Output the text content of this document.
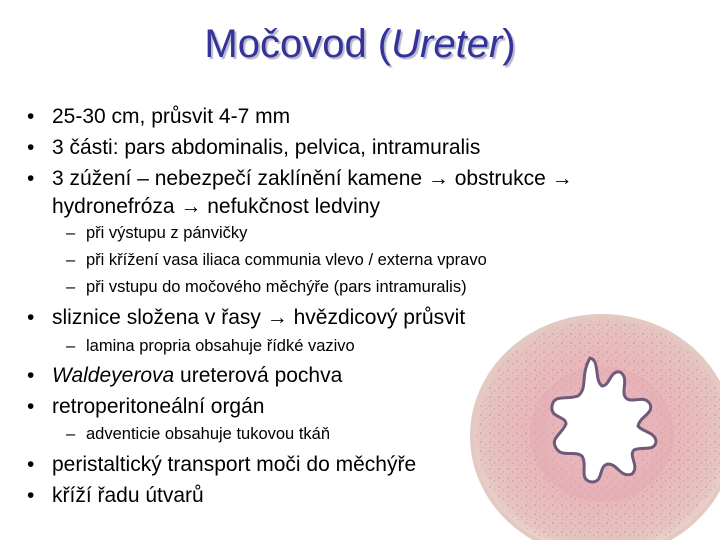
Močovod (Ureter)
• 25-30 cm, průsvit 4-7 mm
• 3 části: pars abdominalis, pelvica, intramuralis
• 3 zúžení – nebezpečí zaklínění kamene → obstrukce →
hydronefróza → nefukčnost ledviny
– při výstupu z pánvičky
– při křížení vasa iliaca communia vlevo / externa vpravo
– při vstupu do močového měchýře (pars intramuralis)
• sliznice složena v řasy → hvězdicový průsvit
– lamina propria obsahuje řídké vazivo
• Waldeyerova ureterová pochva
• retroperitoneální orgán
– adventicie obsahuje tukovou tkáň
• peristaltický transport moči do měchýře
• kříží řadu útvarů
